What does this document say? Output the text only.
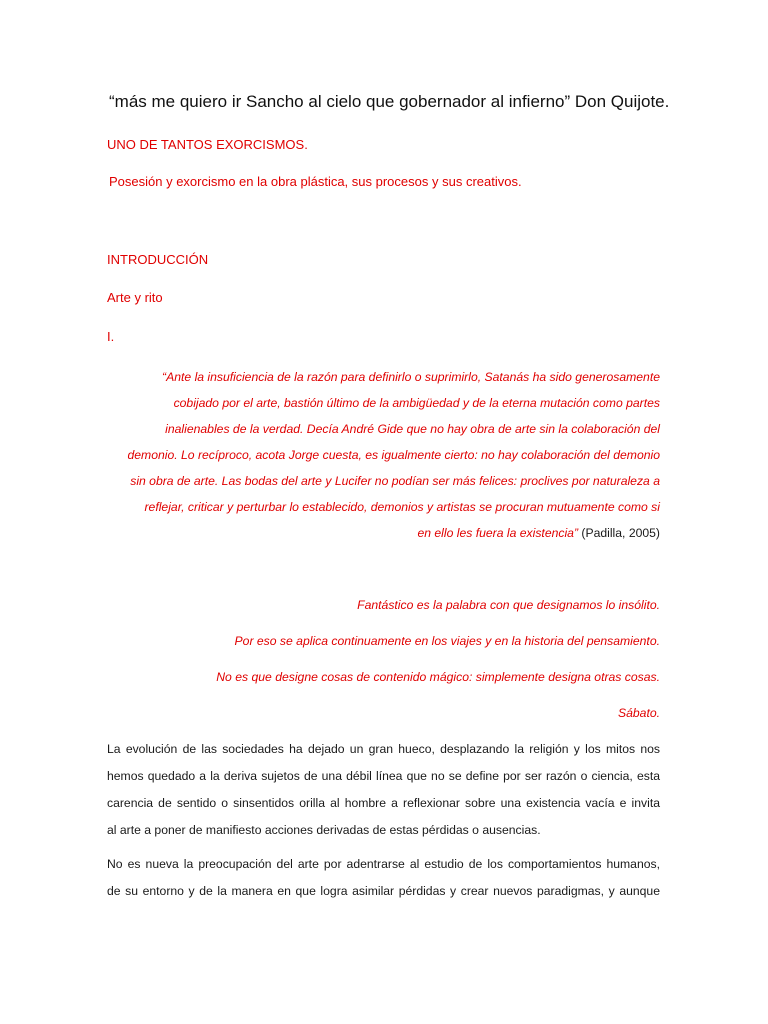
“más me quiero ir Sancho al cielo que gobernador al infierno” Don Quijote.

UNO DE TANTOS EXORCISMOS.

Posesión y exorcismo en la obra plástica, sus procesos y sus creativos.

INTRODUCCIÓN

Arte y rito

I.

“Ante la insuficiencia de la razón para definirlo o suprimirlo, Satanás ha sido generosamente
cobijado por el arte, bastión último de la ambigüedad y de la eterna mutación como partes
inalienables de la verdad. Decía André Gide que no hay obra de arte sin la colaboración del
demonio. Lo recíproco, acota Jorge cuesta, es igualmente cierto: no hay colaboración del demonio
sin obra de arte. Las bodas del arte y Lucifer no podían ser más felices: proclives por naturaleza a
reflejar, criticar y perturbar lo establecido, demonios y artistas se procuran mutuamente como si
en ello les fuera la existencia” (Padilla, 2005)
Fantástico es la palabra con que designamos lo insólito.
Por eso se aplica continuamente en los viajes y en la historia del pensamiento.
No es que designe cosas de contenido mágico: simplemente designa otras cosas.
Sábato.
La evolución de las sociedades ha dejado un gran hueco, desplazando la religión y los mitos nos
hemos quedado a la deriva sujetos de una débil línea que no se define por ser razón o ciencia, esta
carencia de sentido o sinsentidos orilla al hombre a reflexionar sobre una existencia vacía e invita
al arte a poner de manifiesto acciones derivadas de estas pérdidas o ausencias.
No es nueva la preocupación del arte por adentrarse al estudio de los comportamientos humanos,
de su entorno y de la manera en que logra asimilar pérdidas y crear nuevos paradigmas, y aunque
